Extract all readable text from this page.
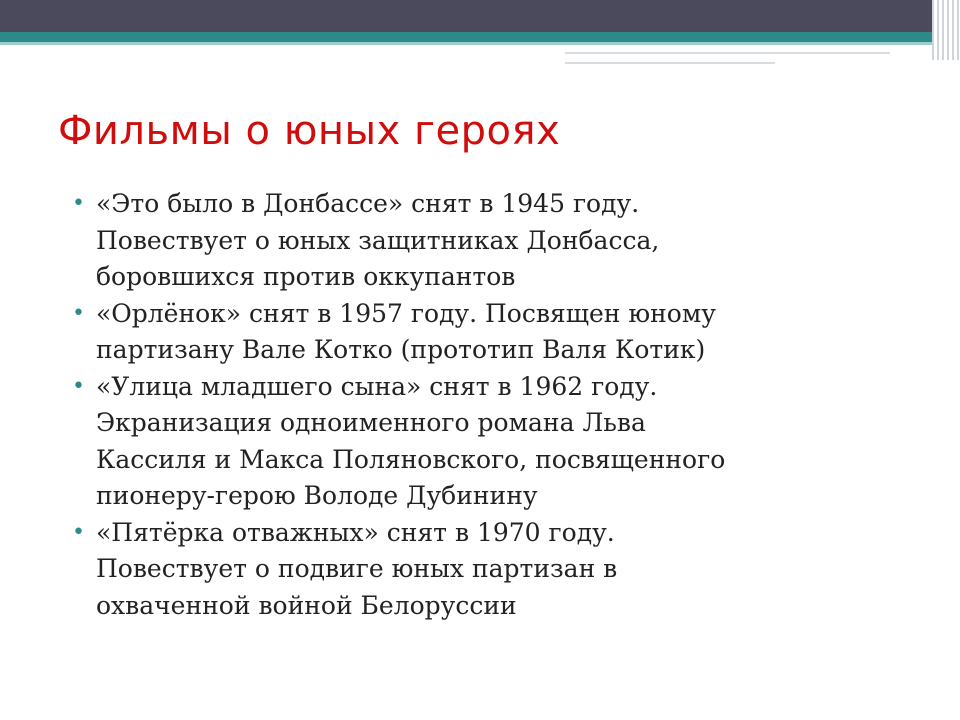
Фильмы о юных героях
• «Это было в Донбассе» снят в 1945 году.
Повествует о юных защитниках Донбасса,
боровшихся против оккупантов
• «Орлёнок» снят в 1957 году. Посвящен юному
партизану Вале Котко (прототип Валя Котик)
• «Улица младшего сына» снят в 1962 году.
Экранизация одноименного романа Льва
Кассиля и Макса Поляновского, посвященного
пионеру-герою Володе Дубинину
• «Пятёрка отважных» снят в 1970 году.
Повествует о подвиге юных партизан в
охваченной войной Белоруссии
